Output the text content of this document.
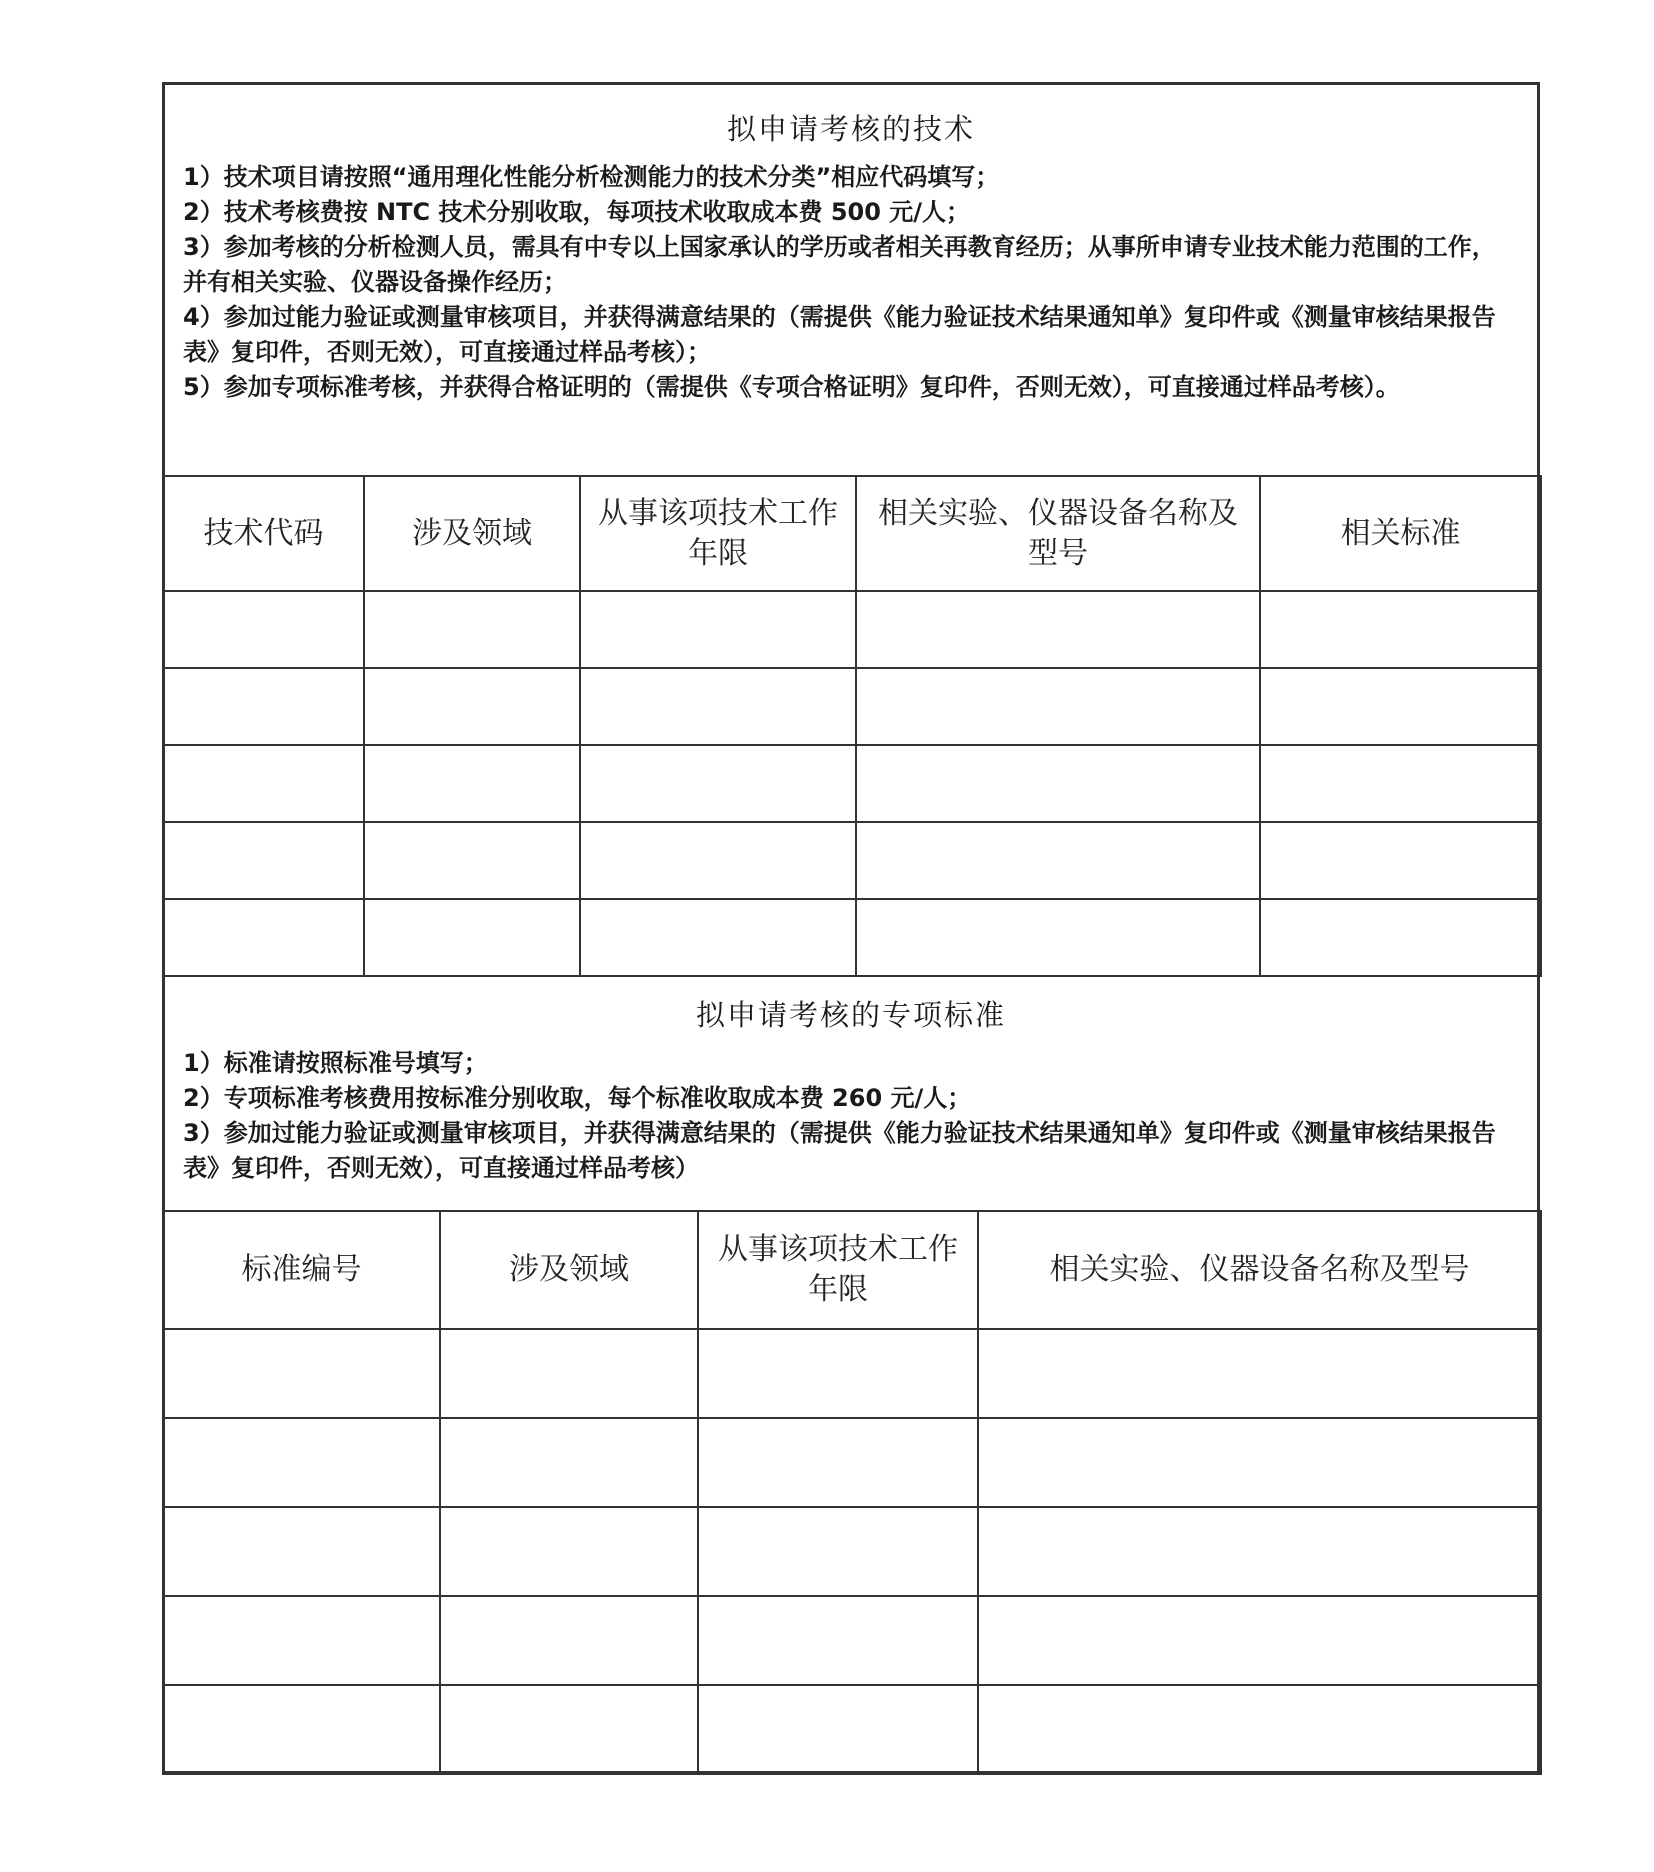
拟申请考核的技术
1）技术项目请按照“通用理化性能分析检测能力的技术分类”相应代码填写；
2）技术考核费按 NTC 技术分别收取，每项技术收取成本费 500 元/人；
3）参加考核的分析检测人员，需具有中专以上国家承认的学历或者相关再教育经历；从事所申请专业技术能力范围的工作，并有相关实验、仪器设备操作经历；
4）参加过能力验证或测量审核项目，并获得满意结果的（需提供《能力验证技术结果通知单》复印件或《测量审核结果报告表》复印件，否则无效），可直接通过样品考核）；
5）参加专项标准考核，并获得合格证明的（需提供《专项合格证明》复印件，否则无效），可直接通过样品考核）。
技术代码	涉及领域	从事该项技术工作年限	相关实验、仪器设备名称及型号	相关标准

拟申请考核的专项标准
1）标准请按照标准号填写；
2）专项标准考核费用按标准分别收取，每个标准收取成本费 260 元/人；
3）参加过能力验证或测量审核项目，并获得满意结果的（需提供《能力验证技术结果通知单》复印件或《测量审核结果报告表》复印件，否则无效），可直接通过样品考核）
标准编号	涉及领域	从事该项技术工作年限	相关实验、仪器设备名称及型号
